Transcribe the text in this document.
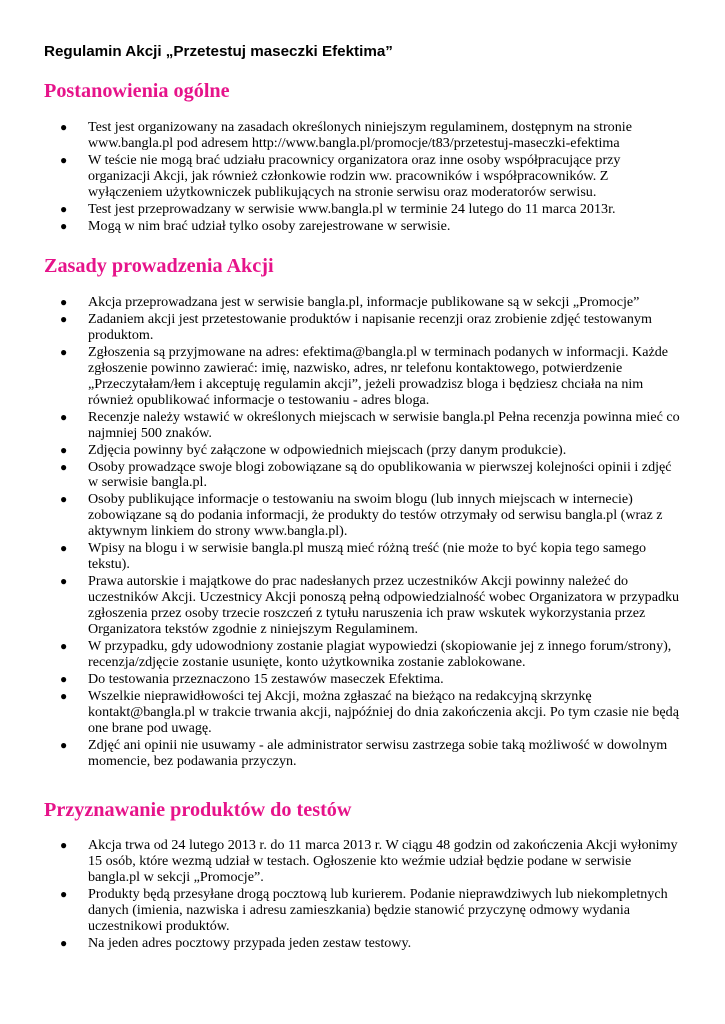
Regulamin Akcji „Przetestuj maseczki Efektima”
Postanowienia ogólne
● Test jest organizowany na zasadach określonych niniejszym regulaminem, dostępnym na stronie www.bangla.pl pod adresem http://www.bangla.pl/promocje/t83/przetestuj-maseczki-efektima
● W teście nie mogą brać udziału pracownicy organizatora oraz inne osoby współpracujące przy organizacji Akcji, jak również członkowie rodzin ww. pracowników i współpracowników. Z wyłączeniem użytkowniczek publikujących na stronie serwisu oraz moderatorów serwisu.
● Test jest przeprowadzany w serwisie www.bangla.pl w terminie 24 lutego do 11 marca 2013r.
● Mogą w nim brać udział tylko osoby zarejestrowane w serwisie.
Zasady prowadzenia Akcji
● Akcja przeprowadzana jest w serwisie bangla.pl, informacje publikowane są w sekcji „Promocje”
● Zadaniem akcji jest przetestowanie produktów i napisanie recenzji oraz zrobienie zdjęć testowanym produktom.
● Zgłoszenia są przyjmowane na adres: efektima@bangla.pl w terminach podanych w informacji. Każde zgłoszenie powinno zawierać: imię, nazwisko, adres, nr telefonu kontaktowego, potwierdzenie „Przeczytałam/łem i akceptuję regulamin akcji”, jeżeli prowadzisz bloga i będziesz chciała na nim również opublikować informacje o testowaniu - adres bloga.
● Recenzje należy wstawić w określonych miejscach w serwisie bangla.pl Pełna recenzja powinna mieć co najmniej 500 znaków.
● Zdjęcia powinny być załączone w odpowiednich miejscach (przy danym produkcie).
● Osoby prowadzące swoje blogi zobowiązane są do opublikowania w pierwszej kolejności opinii i zdjęć w serwisie bangla.pl.
● Osoby publikujące informacje o testowaniu na swoim blogu (lub innych miejscach w internecie) zobowiązane są do podania informacji, że produkty do testów otrzymały od serwisu bangla.pl (wraz z aktywnym linkiem do strony www.bangla.pl).
● Wpisy na blogu i w serwisie bangla.pl muszą mieć różną treść (nie może to być kopia tego samego tekstu).
● Prawa autorskie i majątkowe do prac nadesłanych przez uczestników Akcji powinny należeć do uczestników Akcji. Uczestnicy Akcji ponoszą pełną odpowiedzialność wobec Organizatora w przypadku zgłoszenia przez osoby trzecie roszczeń z tytułu naruszenia ich praw wskutek wykorzystania przez Organizatora tekstów zgodnie z niniejszym Regulaminem.
● W przypadku, gdy udowodniony zostanie plagiat wypowiedzi (skopiowanie jej z innego forum/strony), recenzja/zdjęcie zostanie usunięte, konto użytkownika zostanie zablokowane.
● Do testowania przeznaczono 15 zestawów maseczek Efektima.
● Wszelkie nieprawidłowości tej Akcji, można zgłaszać na bieżąco na redakcyjną skrzynkę kontakt@bangla.pl w trakcie trwania akcji, najpóźniej do dnia zakończenia akcji. Po tym czasie nie będą one brane pod uwagę.
● Zdjęć ani opinii nie usuwamy - ale administrator serwisu zastrzega sobie taką możliwość w dowolnym momencie, bez podawania przyczyn.
Przyznawanie produktów do testów
● Akcja trwa od 24 lutego 2013 r. do 11 marca 2013 r. W ciągu 48 godzin od zakończenia Akcji wyłonimy 15 osób, które wezmą udział w testach. Ogłoszenie kto weźmie udział będzie podane w serwisie bangla.pl w sekcji „Promocje”.
● Produkty będą przesyłane drogą pocztową lub kurierem. Podanie nieprawdziwych lub niekompletnych danych (imienia, nazwiska i adresu zamieszkania) będzie stanowić przyczynę odmowy wydania uczestnikowi produktów.
● Na jeden adres pocztowy przypada jeden zestaw testowy.
